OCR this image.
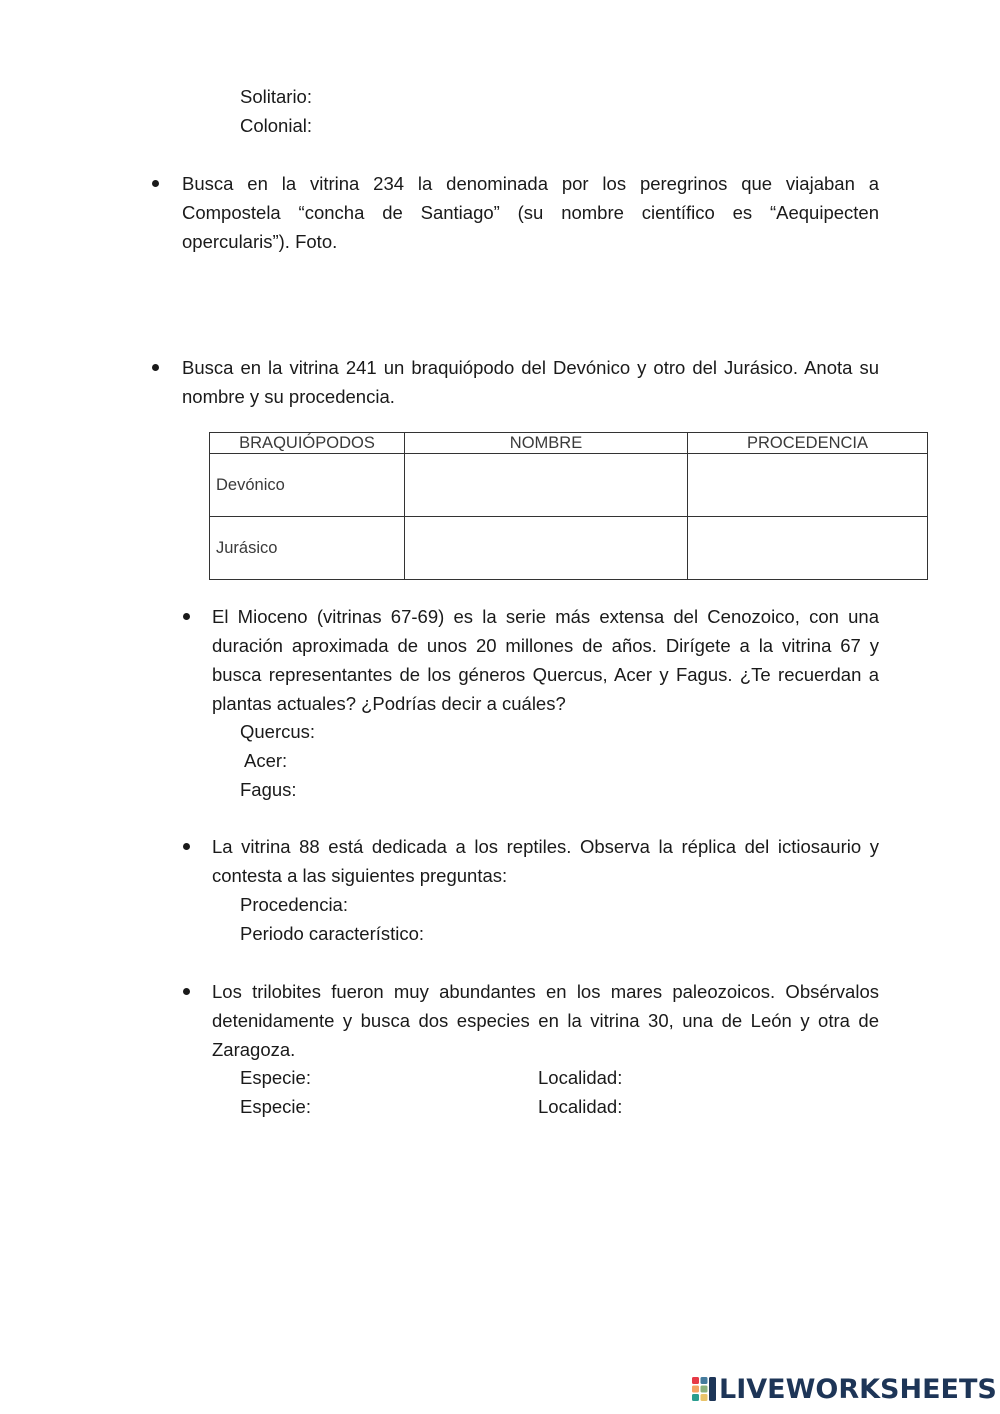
Solitario:
Colonial:
Busca en la vitrina 234 la denominada por los peregrinos que viajaban a
Compostela “concha de Santiago” (su nombre científico es “Aequipecten
opercularis”). Foto.
Busca en la vitrina 241 un braquiópodo del Devónico y otro del Jurásico. Anota su
nombre y su procedencia.
BRAQUIÓPODOS	NOMBRE	PROCEDENCIA
Devónico		
Jurásico		
El Mioceno (vitrinas 67-69) es la serie más extensa del Cenozoico, con una
duración aproximada de unos 20 millones de años. Dirígete a la vitrina 67 y
busca representantes de los géneros Quercus, Acer y Fagus. ¿Te recuerdan a
plantas actuales? ¿Podrías decir a cuáles?
Quercus:
Acer:
Fagus:
La vitrina 88 está dedicada a los reptiles. Observa la réplica del ictiosaurio y
contesta a las siguientes preguntas:
Procedencia:
Periodo característico:
Los trilobites fueron muy abundantes en los mares paleozoicos. Obsérvalos
detenidamente y busca dos especies en la vitrina 30, una de León y otra de
Zaragoza.
Especie:	Localidad:
Especie:	Localidad:
LIVEWORKSHEETS
